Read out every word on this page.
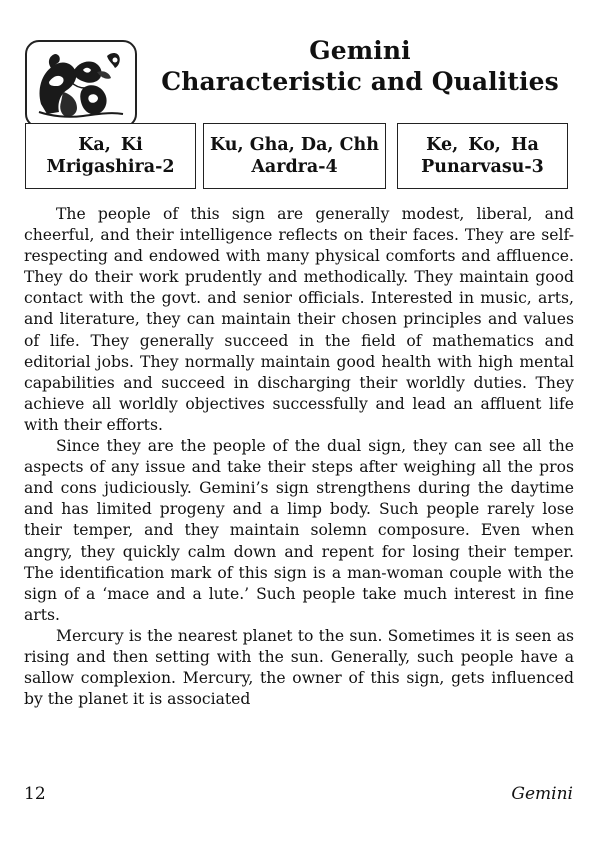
Gemini
Characteristic and Qualities
Ka, Ki
Mrigashira-2
Ku, Gha, Da, Chh
Aardra-4
Ke, Ko, Ha
Punarvasu-3

The people of this sign are generally modest, liberal, and cheerful, and their intelligence reflects on their faces. They are self-respecting and endowed with many physical comforts and affluence. They do their work prudently and methodically. They maintain good contact with the govt. and senior officials. Interested in music, arts, and literature, they can maintain their chosen principles and values of life. They generally succeed in the field of mathematics and editorial jobs. They normally maintain good health with high mental capabilities and succeed in discharging their worldly duties. They achieve all worldly objectives successfully and lead an affluent life with their efforts.

Since they are the people of the dual sign, they can see all the aspects of any issue and take their steps after weighing all the pros and cons judiciously. Gemini’s sign strengthens during the daytime and has limited progeny and a limp body. Such people rarely lose their temper, and they maintain solemn composure. Even when angry, they quickly calm down and repent for losing their temper. The identification mark of this sign is a man-woman couple with the sign of a ‘mace and a lute.’ Such people take much interest in fine arts.

Mercury is the nearest planet to the sun. Sometimes it is seen as rising and then setting with the sun. Generally, such people have a sallow complexion. Mercury, the owner of this sign, gets influenced by the planet it is associated

12	Gemini
